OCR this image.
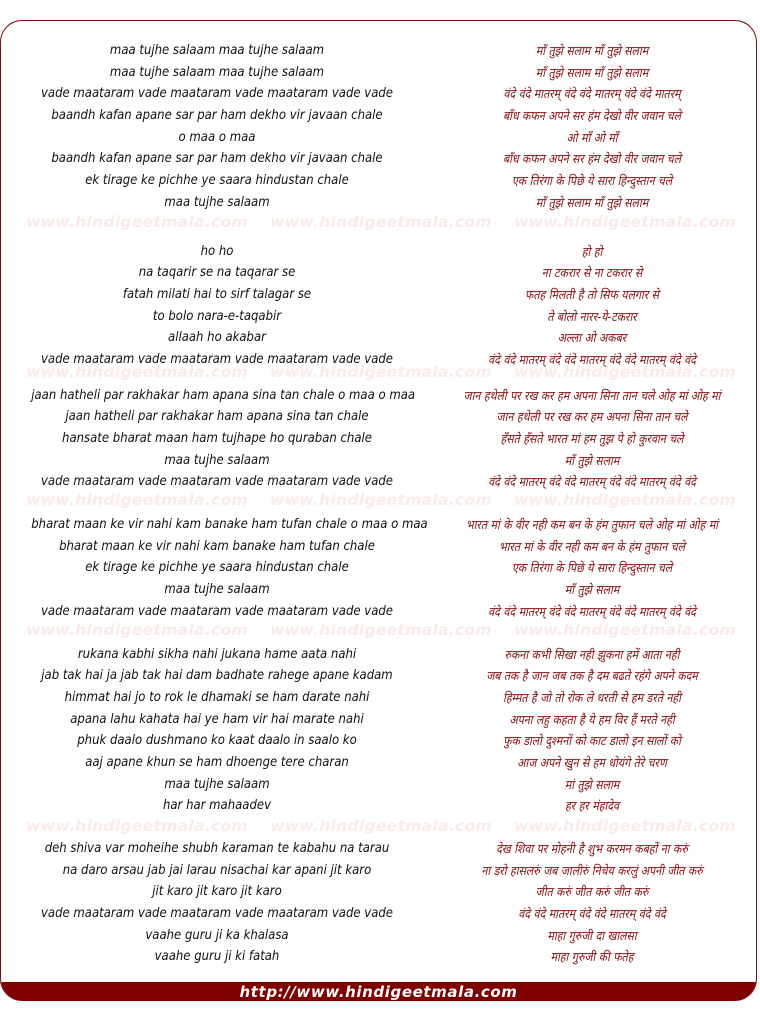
www.hindigeetmala.com www.hindigeetmala.com www.hindigeetmala.com
www.hindigeetmala.com www.hindigeetmala.com www.hindigeetmala.com
www.hindigeetmala.com www.hindigeetmala.com www.hindigeetmala.com
www.hindigeetmala.com www.hindigeetmala.com www.hindigeetmala.com
www.hindigeetmala.com www.hindigeetmala.com www.hindigeetmala.com
maa tujhe salaam maa tujhe salaam
maa tujhe salaam maa tujhe salaam
vade maataram vade maataram vade maataram vade vade
baandh kafan apane sar par ham dekho vir javaan chale
o maa o maa
baandh kafan apane sar par ham dekho vir javaan chale
ek tirage ke pichhe ye saara hindustan chale
maa tujhe salaam
ho ho
na taqarir se na taqarar se
fatah milati hai to sirf talagar se
to bolo nara-e-taqabir
allaah ho akabar
vade maataram vade maataram vade maataram vade vade
jaan hatheli par rakhakar ham apana sina tan chale o maa o maa
jaan hatheli par rakhakar ham apana sina tan chale
hansate bharat maan ham tujhape ho quraban chale
maa tujhe salaam
vade maataram vade maataram vade maataram vade vade
bharat maan ke vir nahi kam banake ham tufan chale o maa o maa
bharat maan ke vir nahi kam banake ham tufan chale
ek tirage ke pichhe ye saara hindustan chale
maa tujhe salaam
vade maataram vade maataram vade maataram vade vade
rukana kabhi sikha nahi jukana hame aata nahi
jab tak hai ja jab tak hai dam badhate rahege apane kadam
himmat hai jo to rok le dhamaki se ham darate nahi
apana lahu kahata hai ye ham vir hai marate nahi
phuk daalo dushmano ko kaat daalo in saalo ko
aaj apane khun se ham dhoenge tere charan
maa tujhe salaam
har har mahaadev
deh shiva var moheihe shubh karaman te kabahu na tarau
na daro arsau jab jai larau nisachai kar apani jit karo
jit karo jit karo jit karo
vade maataram vade maataram vade maataram vade vade
vaahe guru ji ka khalasa
vaahe guru ji ki fatah
माँ तुझे सलाम माँ तुझे सलाम
माँ तुझे सलाम माँ तुझे सलाम
वंदे वंदे मातरम् वंदे वंदे मातरम् वंदे वंदे मातरम्
बाँध कफन अपने सर हंम देखो वीर जवान चले
ओ माँ ओ माँ
बाँध कफन अपने सर हंम देखो वीर जवान चले
एक तिरंगा के पिछे ये सारा हिन्दुस्तान चले
माँ तुझे सलाम माँ तुझे सलाम
हो हो
ना टकरार से ना टकरार से
फतह मिलती है तो सिफ यलगार से
ते बोलो नारर-ये-टकरार
अल्ला ओ अकबर
वंदे वंदे मातरम् वंदे वंदे मातरम् वंदे वंदे मातरम् वंदे वंदे
जान हथेली पर रख कर हम अपना सिना तान चले ओह मां ओह मां
जान हथेली पर रख कर हम अपना सिना तान चले
हँसते हँसते भारत मां हम तुझ पे हो कुरवान चले
माँ तुझे सलाम
वंदे वंदे मातरम् वंदे वंदे मातरम् वंदे वंदे मातरम् वंदे वंदे
भारत मां के वीर नही कम बन के हंम तुफान चले ओह मां ओह मां
भारत मां के वीर नही कम बन के हंम तुफान चले
एक तिरंगा के पिछे ये सारा हिन्दुस्तान चले
माँ तुझे सलाम
वंदे वंदे मातरम् वंदे वंदे मातरम् वंदे वंदे मातरम् वंदे वंदे
रुकना कभी सिखा नही झुकना हमें आता नही
जब तक है जान जब तक है दम बढते रहंगे अपने कदम
हिम्मत है जो तो रोक ले धरती से हम डरते नही
अपना लहु कहता है ये हम विर हैं मरते नही
फुक डालो दुश्मनों को काट डालो इन सालों को
आज अपने खुन से हम धोयंगे तेरे चरण
मां तुझे सलाम
हर हर मंहादेव
देख शिवा पर मोहनी है शुभ करमन कबहों ना करुं
ना डरो हासलरुं जब जालीरुं निचेय करलुं अपनी जीत करुं
जीत करुं जीत करुं जीत करुं
वंदे वंदे मातरम् वंदे वंदे मातरम् वंदे वंदे
माहा गुरुजी दा खालसा
माहा गुरुजी की फतेह
http://www.hindigeetmala.com
